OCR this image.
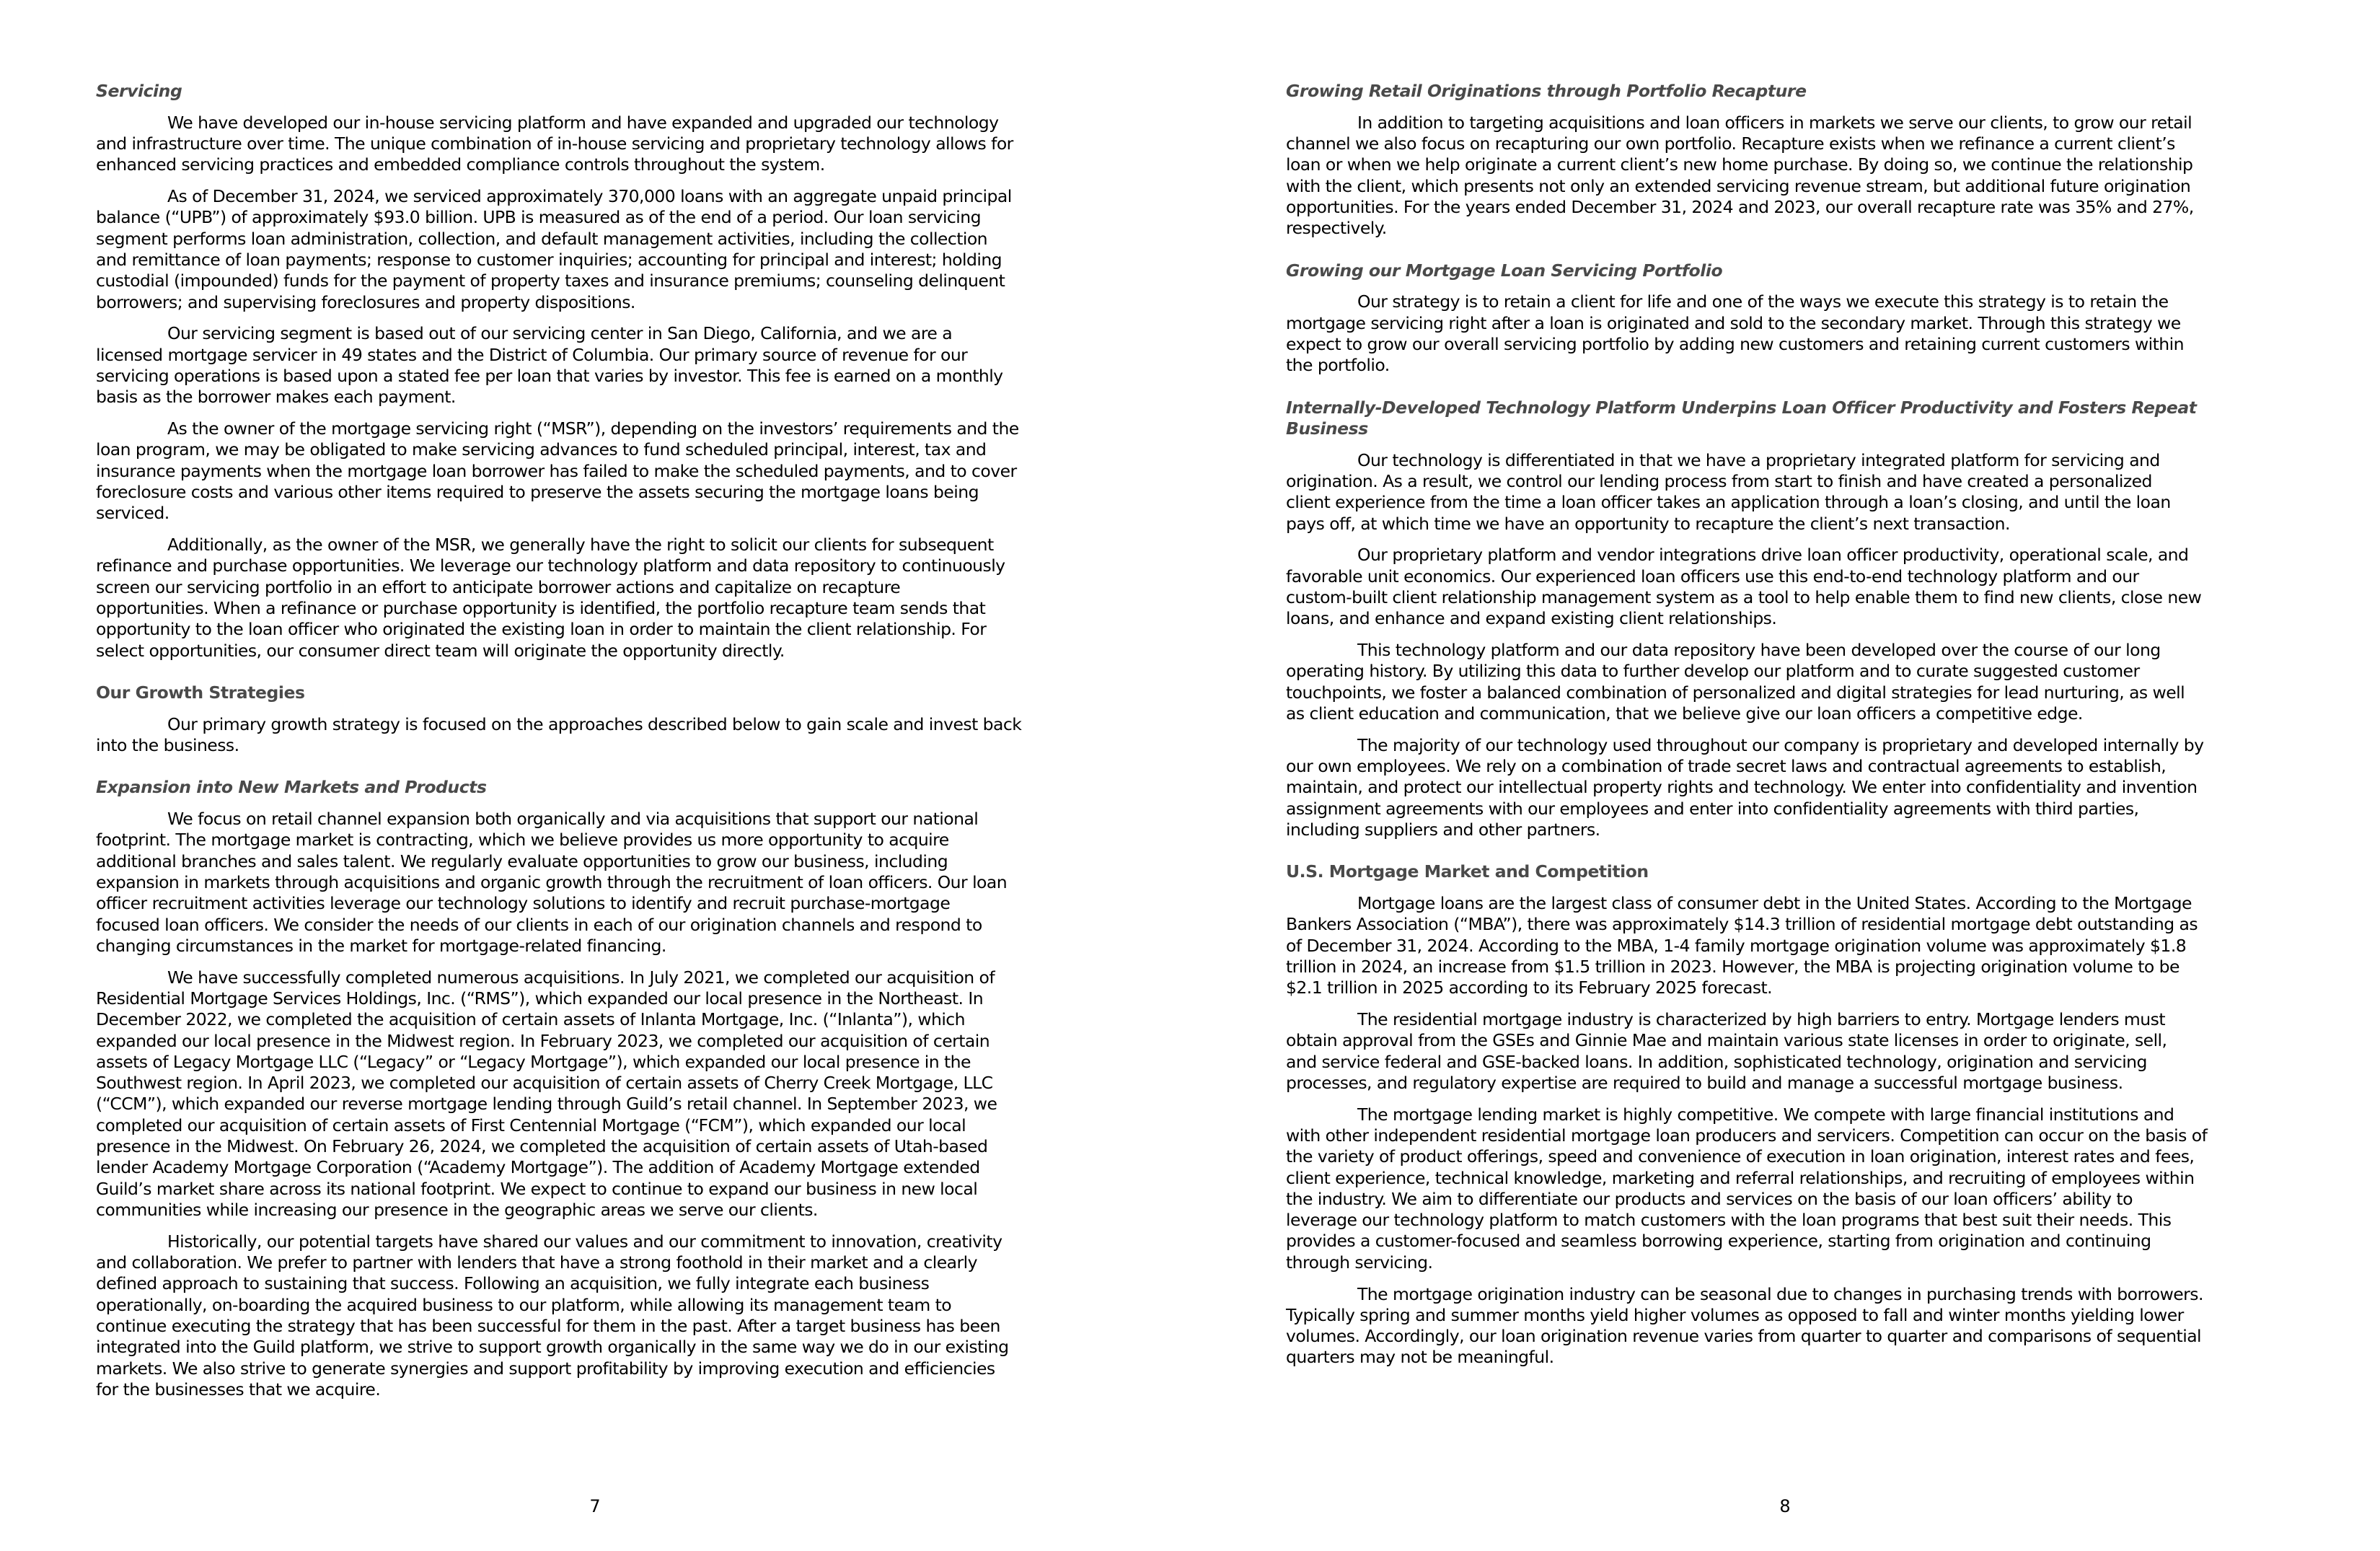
Servicing
We have developed our in-house servicing platform and have expanded and upgraded our technology
and infrastructure over time. The unique combination of in-house servicing and proprietary technology allows for
enhanced servicing practices and embedded compliance controls throughout the system.
As of December 31, 2024, we serviced approximately 370,000 loans with an aggregate unpaid principal
balance (“UPB”) of approximately $93.0 billion. UPB is measured as of the end of a period. Our loan servicing
segment performs loan administration, collection, and default management activities, including the collection
and remittance of loan payments; response to customer inquiries; accounting for principal and interest; holding
custodial (impounded) funds for the payment of property taxes and insurance premiums; counseling delinquent
borrowers; and supervising foreclosures and property dispositions.
Our servicing segment is based out of our servicing center in San Diego, California, and we are a
licensed mortgage servicer in 49 states and the District of Columbia. Our primary source of revenue for our
servicing operations is based upon a stated fee per loan that varies by investor. This fee is earned on a monthly
basis as the borrower makes each payment.
As the owner of the mortgage servicing right (“MSR”), depending on the investors’ requirements and the
loan program, we may be obligated to make servicing advances to fund scheduled principal, interest, tax and
insurance payments when the mortgage loan borrower has failed to make the scheduled payments, and to cover
foreclosure costs and various other items required to preserve the assets securing the mortgage loans being
serviced.
Additionally, as the owner of the MSR, we generally have the right to solicit our clients for subsequent
refinance and purchase opportunities. We leverage our technology platform and data repository to continuously
screen our servicing portfolio in an effort to anticipate borrower actions and capitalize on recapture
opportunities. When a refinance or purchase opportunity is identified, the portfolio recapture team sends that
opportunity to the loan officer who originated the existing loan in order to maintain the client relationship. For
select opportunities, our consumer direct team will originate the opportunity directly.
Our Growth Strategies
Our primary growth strategy is focused on the approaches described below to gain scale and invest back
into the business.
Expansion into New Markets and Products
We focus on retail channel expansion both organically and via acquisitions that support our national
footprint. The mortgage market is contracting, which we believe provides us more opportunity to acquire
additional branches and sales talent. We regularly evaluate opportunities to grow our business, including
expansion in markets through acquisitions and organic growth through the recruitment of loan officers. Our loan
officer recruitment activities leverage our technology solutions to identify and recruit purchase-mortgage
focused loan officers. We consider the needs of our clients in each of our origination channels and respond to
changing circumstances in the market for mortgage-related financing.
We have successfully completed numerous acquisitions. In July 2021, we completed our acquisition of
Residential Mortgage Services Holdings, Inc. (“RMS”), which expanded our local presence in the Northeast. In
December 2022, we completed the acquisition of certain assets of Inlanta Mortgage, Inc. (“Inlanta”), which
expanded our local presence in the Midwest region. In February 2023, we completed our acquisition of certain
assets of Legacy Mortgage LLC (“Legacy” or “Legacy Mortgage”), which expanded our local presence in the
Southwest region. In April 2023, we completed our acquisition of certain assets of Cherry Creek Mortgage, LLC
(“CCM”), which expanded our reverse mortgage lending through Guild’s retail channel. In September 2023, we
completed our acquisition of certain assets of First Centennial Mortgage (“FCM”), which expanded our local
presence in the Midwest. On February 26, 2024, we completed the acquisition of certain assets of Utah-based
lender Academy Mortgage Corporation (“Academy Mortgage”). The addition of Academy Mortgage extended
Guild’s market share across its national footprint. We expect to continue to expand our business in new local
communities while increasing our presence in the geographic areas we serve our clients.
Historically, our potential targets have shared our values and our commitment to innovation, creativity
and collaboration. We prefer to partner with lenders that have a strong foothold in their market and a clearly
defined approach to sustaining that success. Following an acquisition, we fully integrate each business
operationally, on-boarding the acquired business to our platform, while allowing its management team to
continue executing the strategy that has been successful for them in the past. After a target business has been
integrated into the Guild platform, we strive to support growth organically in the same way we do in our existing
markets. We also strive to generate synergies and support profitability by improving execution and efficiencies
for the businesses that we acquire.
7
Growing Retail Originations through Portfolio Recapture
In addition to targeting acquisitions and loan officers in markets we serve our clients, to grow our retail
channel we also focus on recapturing our own portfolio. Recapture exists when we refinance a current client’s
loan or when we help originate a current client’s new home purchase. By doing so, we continue the relationship
with the client, which presents not only an extended servicing revenue stream, but additional future origination
opportunities. For the years ended December 31, 2024 and 2023, our overall recapture rate was 35% and 27%,
respectively.
Growing our Mortgage Loan Servicing Portfolio
Our strategy is to retain a client for life and one of the ways we execute this strategy is to retain the
mortgage servicing right after a loan is originated and sold to the secondary market. Through this strategy we
expect to grow our overall servicing portfolio by adding new customers and retaining current customers within
the portfolio.
Internally-Developed Technology Platform Underpins Loan Officer Productivity and Fosters Repeat
Business
Our technology is differentiated in that we have a proprietary integrated platform for servicing and
origination. As a result, we control our lending process from start to finish and have created a personalized
client experience from the time a loan officer takes an application through a loan’s closing, and until the loan
pays off, at which time we have an opportunity to recapture the client’s next transaction.
Our proprietary platform and vendor integrations drive loan officer productivity, operational scale, and
favorable unit economics. Our experienced loan officers use this end-to-end technology platform and our
custom-built client relationship management system as a tool to help enable them to find new clients, close new
loans, and enhance and expand existing client relationships.
This technology platform and our data repository have been developed over the course of our long
operating history. By utilizing this data to further develop our platform and to curate suggested customer
touchpoints, we foster a balanced combination of personalized and digital strategies for lead nurturing, as well
as client education and communication, that we believe give our loan officers a competitive edge.
The majority of our technology used throughout our company is proprietary and developed internally by
our own employees. We rely on a combination of trade secret laws and contractual agreements to establish,
maintain, and protect our intellectual property rights and technology. We enter into confidentiality and invention
assignment agreements with our employees and enter into confidentiality agreements with third parties,
including suppliers and other partners.
U.S. Mortgage Market and Competition
Mortgage loans are the largest class of consumer debt in the United States. According to the Mortgage
Bankers Association (“MBA”), there was approximately $14.3 trillion of residential mortgage debt outstanding as
of December 31, 2024. According to the MBA, 1-4 family mortgage origination volume was approximately $1.8
trillion in 2024, an increase from $1.5 trillion in 2023. However, the MBA is projecting origination volume to be
$2.1 trillion in 2025 according to its February 2025 forecast.
The residential mortgage industry is characterized by high barriers to entry. Mortgage lenders must
obtain approval from the GSEs and Ginnie Mae and maintain various state licenses in order to originate, sell,
and service federal and GSE-backed loans. In addition, sophisticated technology, origination and servicing
processes, and regulatory expertise are required to build and manage a successful mortgage business.
The mortgage lending market is highly competitive. We compete with large financial institutions and
with other independent residential mortgage loan producers and servicers. Competition can occur on the basis of
the variety of product offerings, speed and convenience of execution in loan origination, interest rates and fees,
client experience, technical knowledge, marketing and referral relationships, and recruiting of employees within
the industry. We aim to differentiate our products and services on the basis of our loan officers’ ability to
leverage our technology platform to match customers with the loan programs that best suit their needs. This
provides a customer-focused and seamless borrowing experience, starting from origination and continuing
through servicing.
The mortgage origination industry can be seasonal due to changes in purchasing trends with borrowers.
Typically spring and summer months yield higher volumes as opposed to fall and winter months yielding lower
volumes. Accordingly, our loan origination revenue varies from quarter to quarter and comparisons of sequential
quarters may not be meaningful.
8
